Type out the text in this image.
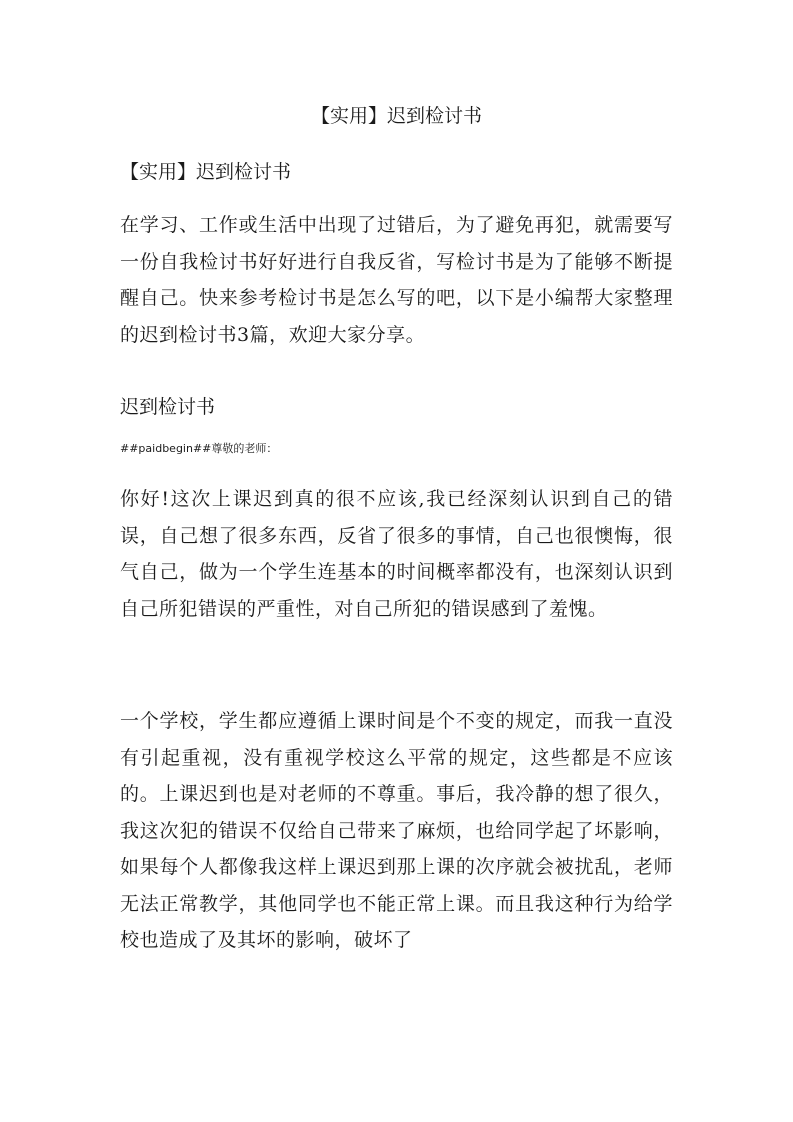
【实用】迟到检讨书
【实用】迟到检讨书

在学习、工作或生活中出现了过错后，为了避免再犯，就需要写一份自我检讨书好好进行自我反省，写检讨书是为了能够不断提醒自己。快来参考检讨书是怎么写的吧，以下是小编帮大家整理的迟到检讨书3篇，欢迎大家分享。

迟到检讨书
##paidbegin##尊敬的老师：

你好!这次上课迟到真的很不应该,我已经深刻认识到自己的错误，自己想了很多东西，反省了很多的事情，自己也很懊悔，很气自己，做为一个学生连基本的时间概率都没有，也深刻认识到自己所犯错误的严重性，对自己所犯的错误感到了羞愧。

一个学校，学生都应遵循上课时间是个不变的规定，而我一直没有引起重视，没有重视学校这么平常的规定，这些都是不应该的。上课迟到也是对老师的不尊重。事后，我冷静的想了很久，我这次犯的错误不仅给自己带来了麻烦，也给同学起了坏影响，如果每个人都像我这样上课迟到那上课的次序就会被扰乱，老师无法正常教学，其他同学也不能正常上课。而且我这种行为给学校也造成了及其坏的影响，破坏了
